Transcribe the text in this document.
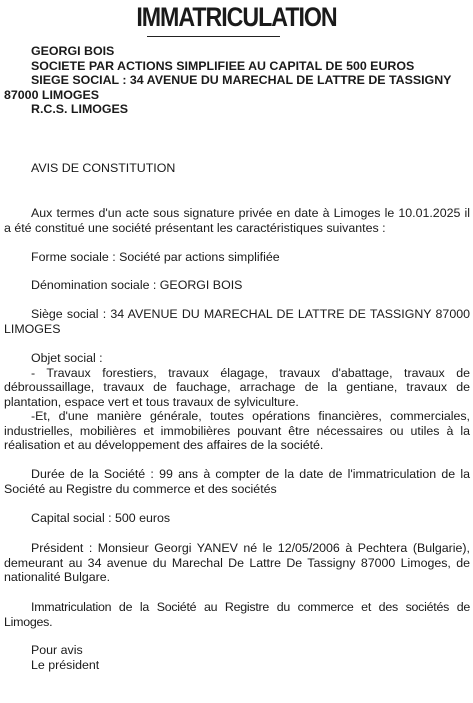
IMMATRICULATION
GEORGI BOIS
SOCIETE PAR ACTIONS SIMPLIFIEE AU CAPITAL DE 500 EUROS
SIEGE SOCIAL : 34 AVENUE DU MARECHAL DE LATTRE DE TASSIGNY 87000 LIMOGES
R.C.S. LIMOGES
AVIS DE CONSTITUTION

Aux termes d'un acte sous signature privée en date à Limoges le 10.01.2025 il a été constitué une société présentant les caractéristiques suivantes :

Forme sociale : Société par actions simplifiée
Dénomination sociale : GEORGI BOIS

Siège social : 34 AVENUE DU MARECHAL DE LATTRE DE TASSIGNY 87000 LIMOGES

Objet social :

- Travaux forestiers, travaux élagage, travaux d'abattage, travaux de débroussaillage, travaux de fauchage, arrachage de la gentiane, travaux de plantation, espace vert et tous travaux de sylviculture.

-Et, d'une manière générale, toutes opérations financières, commerciales, industrielles, mobilières et immobilières pouvant être nécessaires ou utiles à la réalisation et au développement des affaires de la société.

Durée de la Société : 99 ans à compter de la date de l'immatriculation de la Société au Registre du commerce et des sociétés

Capital social : 500 euros

Président : Monsieur Georgi YANEV né le 12/05/2006 à Pechtera (Bulgarie), demeurant au 34 avenue du Marechal De Lattre De Tassigny 87000 Limoges, de nationalité Bulgare.

Immatriculation de la Société au Registre du commerce et des sociétés de Limoges.

Pour avis
Le président
